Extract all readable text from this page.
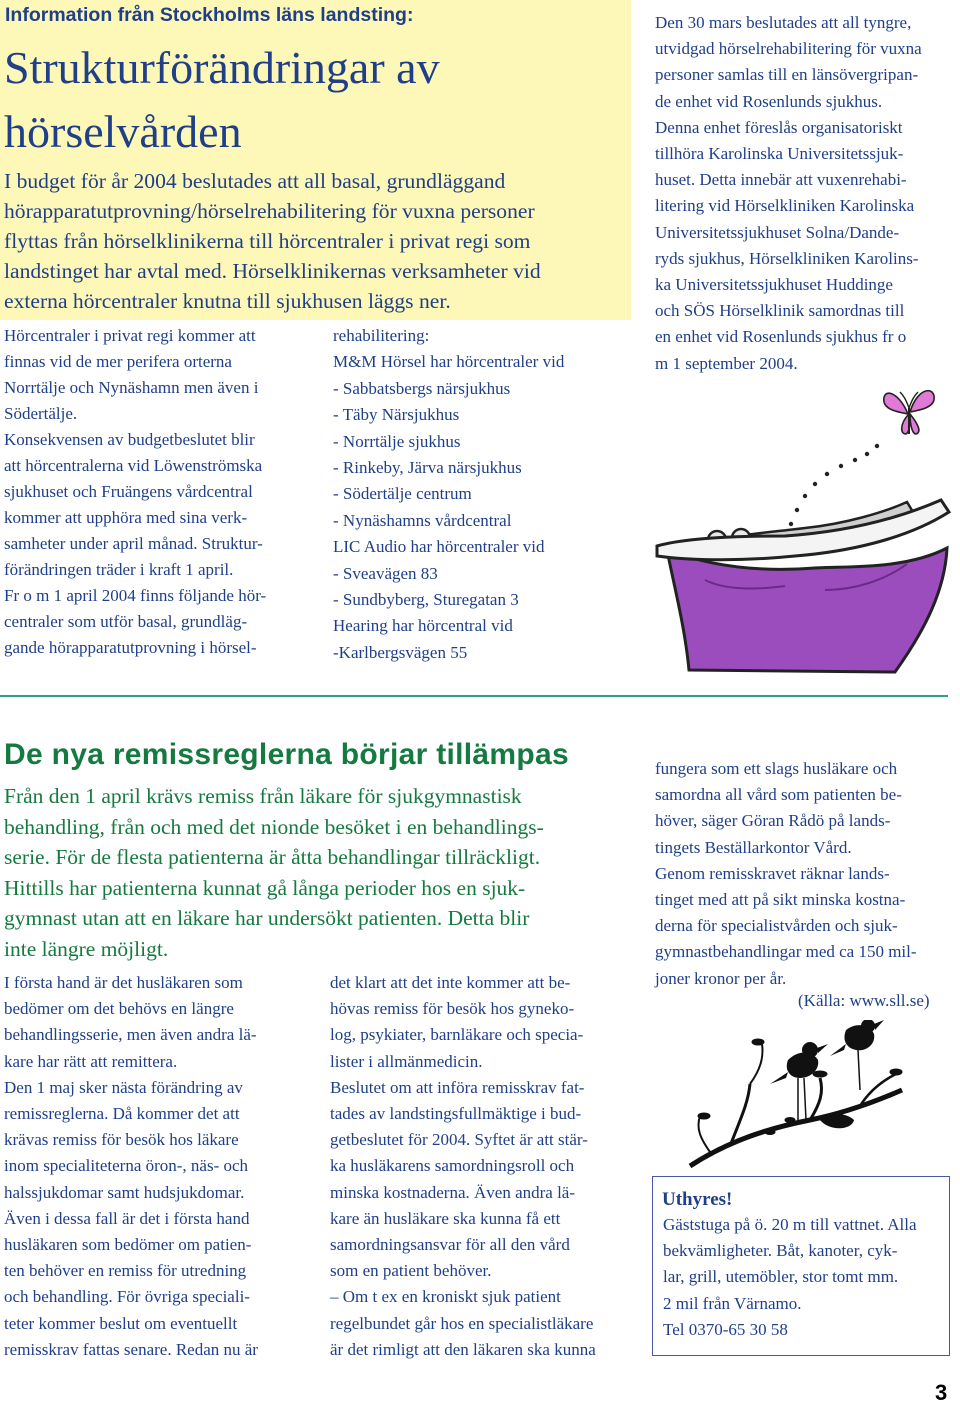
Information från Stockholms läns landsting:
Strukturförändringar av
hörselvården
I budget för år 2004 beslutades att all basal, grundläggand
hörapparatutprovning/hörselrehabilitering för vuxna personer
flyttas från hörselklinikerna till hörcentraler i privat regi som
landstinget har avtal med. Hörselklinikernas verksamheter vid
externa hörcentraler knutna till sjukhusen läggs ner.
Hörcentraler i privat regi kommer att
finnas vid de mer perifera orterna
Norrtälje och Nynäshamn men även i
Södertälje.
Konsekvensen av budgetbeslutet blir
att hörcentralerna vid Löwenströmska
sjukhuset och Fruängens vårdcentral
kommer att upphöra med sina verk-
samheter under april månad. Struktur-
förändringen träder i kraft 1 april.
Fr o m 1 april 2004 finns följande hör-
centraler som utför basal, grundläg-
gande hörapparatutprovning i hörsel-
rehabilitering:
M&M Hörsel har hörcentraler vid
- Sabbatsbergs närsjukhus
- Täby Närsjukhus
- Norrtälje sjukhus
- Rinkeby, Järva närsjukhus
- Södertälje centrum
- Nynäshamns vårdcentral
LIC Audio har hörcentraler vid
- Sveavägen 83
- Sundbyberg, Sturegatan 3
Hearing har hörcentral vid
-Karlbergsvägen 55
Den 30 mars beslutades att all tyngre,
utvidgad hörselrehabilitering för vuxna
personer samlas till en länsövergripan-
de enhet vid Rosenlunds sjukhus.
Denna enhet föreslås organisatoriskt
tillhöra Karolinska Universitetssjuk-
huset. Detta innebär att vuxenrehabi-
litering vid Hörselkliniken Karolinska
Universitetssjukhuset Solna/Dande-
ryds sjukhus, Hörselkliniken Karolins-
ka Universitetssjukhuset Huddinge
och SÖS Hörselklinik samordnas till
en enhet vid Rosenlunds sjukhus fr o
m 1 september 2004.
De nya remissreglerna börjar tillämpas
Från den 1 april krävs remiss från läkare för sjukgymnastisk
behandling, från och med det nionde besöket i en behandlings-
serie. För de flesta patienterna är åtta behandlingar tillräckligt.
Hittills har patienterna kunnat gå långa perioder hos en sjuk-
gymnast utan att en läkare har undersökt patienten. Detta blir
inte längre möjligt.
I första hand är det husläkaren som
bedömer om det behövs en längre
behandlingsserie, men även andra lä-
kare har rätt att remittera.
Den 1 maj sker nästa förändring av
remissreglerna. Då kommer det att
krävas remiss för besök hos läkare
inom specialiteterna öron-, näs- och
halssjukdomar samt hudsjukdomar.
Även i dessa fall är det i första hand
husläkaren som bedömer om patien-
ten behöver en remiss för utredning
och behandling. För övriga speciali-
teter kommer beslut om eventuellt
remisskrav fattas senare. Redan nu är
det klart att det inte kommer att be-
hövas remiss för besök hos gyneko-
log, psykiater, barnläkare och specia-
lister i allmänmedicin.
Beslutet om att införa remisskrav fat-
tades av landstingsfullmäktige i bud-
getbeslutet för 2004. Syftet är att stär-
ka husläkarens samordningsroll och
minska kostnaderna. Även andra lä-
kare än husläkare ska kunna få ett
samordningsansvar för all den vård
som en patient behöver.
– Om t ex en kroniskt sjuk patient
regelbundet går hos en specialistläkare
är det rimligt att den läkaren ska kunna
fungera som ett slags husläkare och
samordna all vård som patienten be-
höver, säger Göran Rådö på lands-
tingets Beställarkontor Vård.
Genom remisskravet räknar lands-
tinget med att på sikt minska kostna-
derna för specialistvården och sjuk-
gymnastbehandlingar med ca 150 mil-
joner kronor per år.
(Källa: www.sll.se)
Uthyres!
Gäststuga på ö. 20 m till vattnet. Alla
bekvämligheter. Båt, kanoter, cyk-
lar, grill, utemöbler, stor tomt mm.
2 mil från Värnamo.
Tel 0370-65 30 58
3
